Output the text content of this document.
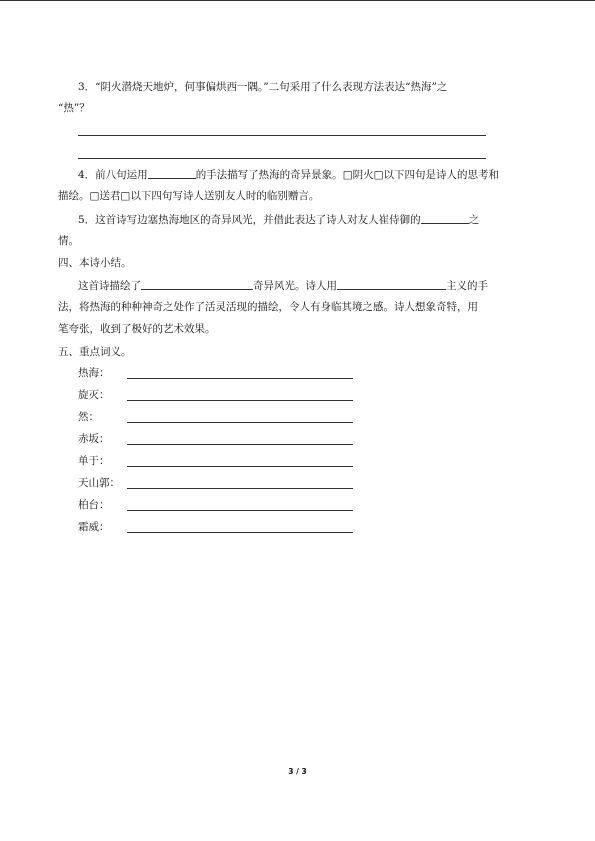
3．“阴火潜烧天地炉，何事偏烘西一隅。”二句采用了什么表现方法表达“热海”之
“热”？
4．前八句运用	的手法描写了热海的奇异景象。□阴火□以下四句是诗人的思考和
描绘。□送君□以下四句写诗人送别友人时的临别赠言。
5．这首诗写边塞热海地区的奇异风光，并借此表达了诗人对友人崔侍御的	之
情。
四、本诗小结。
这首诗描绘了	奇异风光。诗人用	主义的手
法，将热海的种种神奇之处作了活灵活现的描绘，令人有身临其境之感。诗人想象奇特，用
笔夸张，收到了极好的艺术效果。
五、重点词义。
热海：
旋灭：
然：
赤坂：
单于：
天山郭：
柏台：
霜威：
3 / 3
